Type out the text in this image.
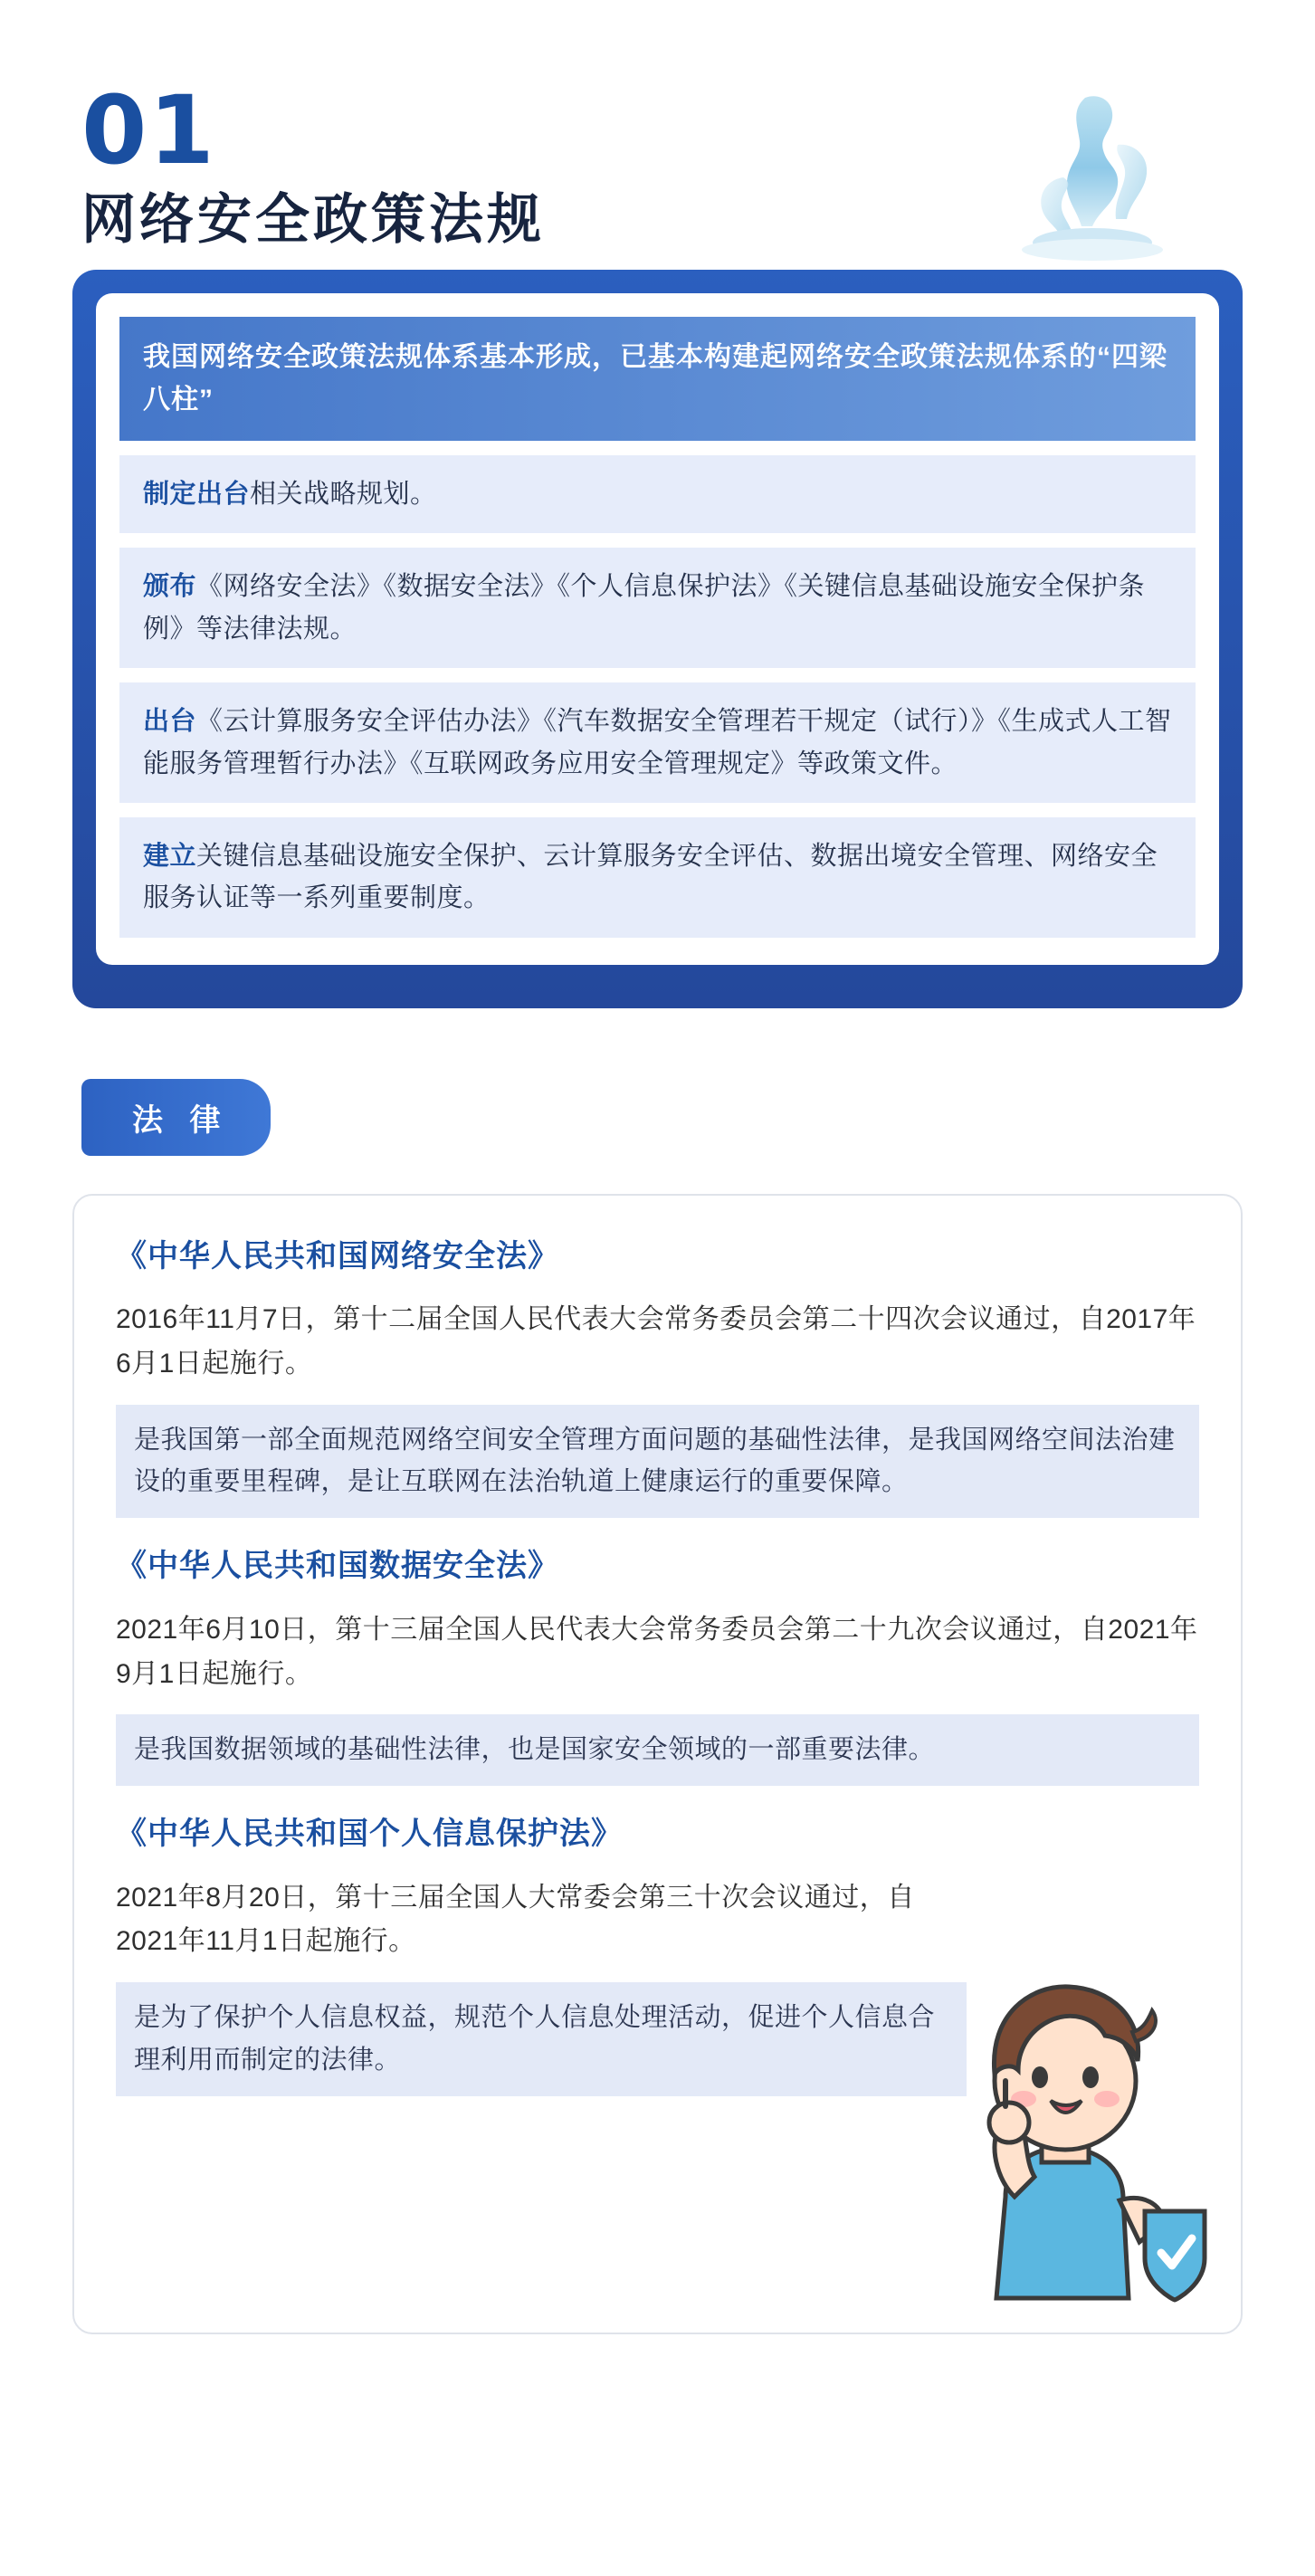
01
网络安全政策法规
我国网络安全政策法规体系基本形成，已基本构建起网络安全政策法规体系的“四梁八柱”
制定出台相关战略规划。
颁布《网络安全法》《数据安全法》《个人信息保护法》《关键信息基础设施安全保护条例》等法律法规。
出台《云计算服务安全评估办法》《汽车数据安全管理若干规定（试行）》《生成式人工智能服务管理暂行办法》《互联网政务应用安全管理规定》等政策文件。
建立关键信息基础设施安全保护、云计算服务安全评估、数据出境安全管理、网络安全服务认证等一系列重要制度。
法 律
《中华人民共和国网络安全法》
2016年11月7日，第十二届全国人民代表大会常务委员会第二十四次会议通过，自2017年6月1日起施行。
是我国第一部全面规范网络空间安全管理方面问题的基础性法律，是我国网络空间法治建设的重要里程碑，是让互联网在法治轨道上健康运行的重要保障。
《中华人民共和国数据安全法》
2021年6月10日，第十三届全国人民代表大会常务委员会第二十九次会议通过，自2021年9月1日起施行。
是我国数据领域的基础性法律，也是国家安全领域的一部重要法律。
《中华人民共和国个人信息保护法》
2021年8月20日，第十三届全国人大常委会第三十次会议通过，自2021年11月1日起施行。
是为了保护个人信息权益，规范个人信息处理活动，促进个人信息合理利用而制定的法律。
